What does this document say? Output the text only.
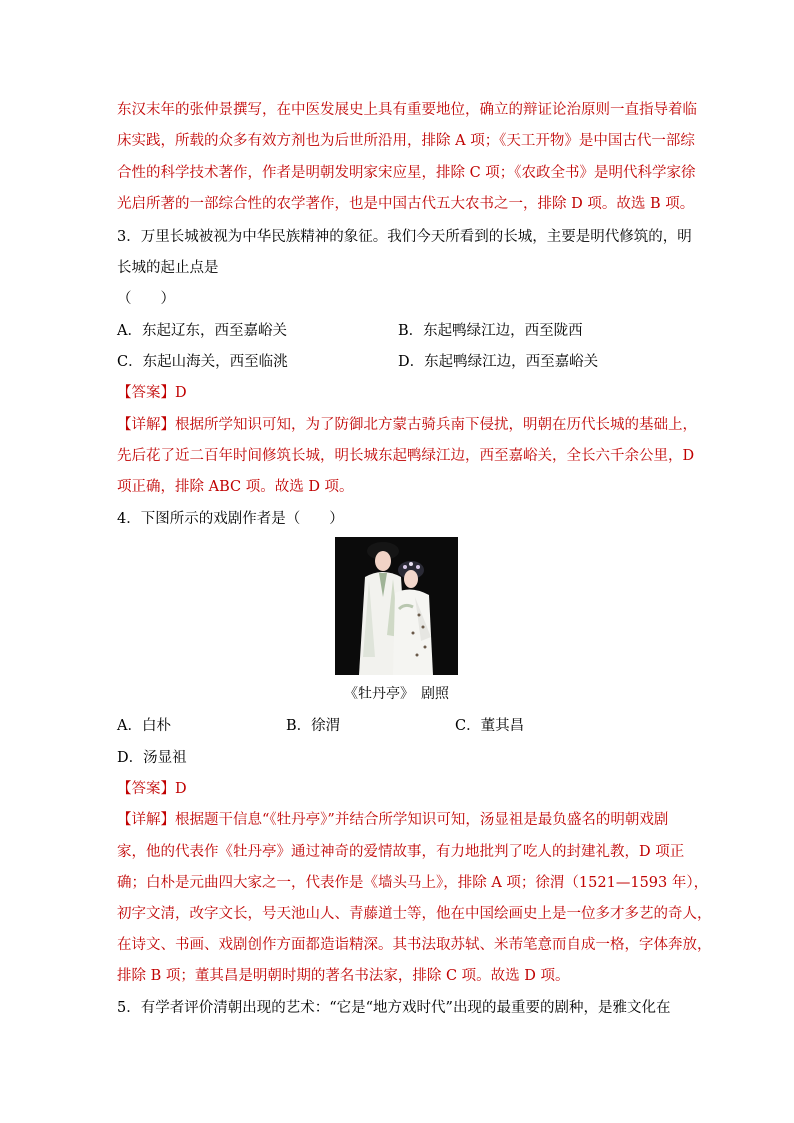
东汉末年的张仲景撰写，在中医发展史上具有重要地位，确立的辩证论治原则一直指导着临
床实践，所载的众多有效方剂也为后世所沿用，排除 A 项；《天工开物》是中国古代一部综
合性的科学技术著作，作者是明朝发明家宋应星，排除 C 项；《农政全书》是明代科学家徐
光启所著的一部综合性的农学著作，也是中国古代五大农书之一，排除 D 项。故选 B 项。
3．万里长城被视为中华民族精神的象征。我们今天所看到的长城，主要是明代修筑的，明
长城的起止点是
（　　）
A．东起辽东，西至嘉峪关	B．东起鸭绿江边，西至陇西
C．东起山海关，西至临洮	D．东起鸭绿江边，西至嘉峪关
【答案】D
【详解】根据所学知识可知，为了防御北方蒙古骑兵南下侵扰，明朝在历代长城的基础上，
先后花了近二百年时间修筑长城，明长城东起鸭绿江边，西至嘉峪关，全长六千余公里，D
项正确，排除 ABC 项。故选 D 项。
4．下图所示的戏剧作者是（　　）
《牡丹亭》　剧照
A．白朴	B．徐渭	C．董其昌
D．汤显祖
【答案】D
【详解】根据题干信息“《牡丹亭》”并结合所学知识可知，汤显祖是最负盛名的明朝戏剧
家，他的代表作《牡丹亭》通过神奇的爱情故事，有力地批判了吃人的封建礼教，D 项正
确；白朴是元曲四大家之一，代表作是《墙头马上》，排除 A 项；徐渭（1521—1593 年），
初字文清，改字文长，号天池山人、青藤道士等，他在中国绘画史上是一位多才多艺的奇人，
在诗文、书画、戏剧创作方面都造诣精深。其书法取苏轼、米芾笔意而自成一格，字体奔放，
排除 B 项；董其昌是明朝时期的著名书法家，排除 C 项。故选 D 项。
5．有学者评价清朝出现的艺术：“它是“地方戏时代”出现的最重要的剧种，是雅文化在
